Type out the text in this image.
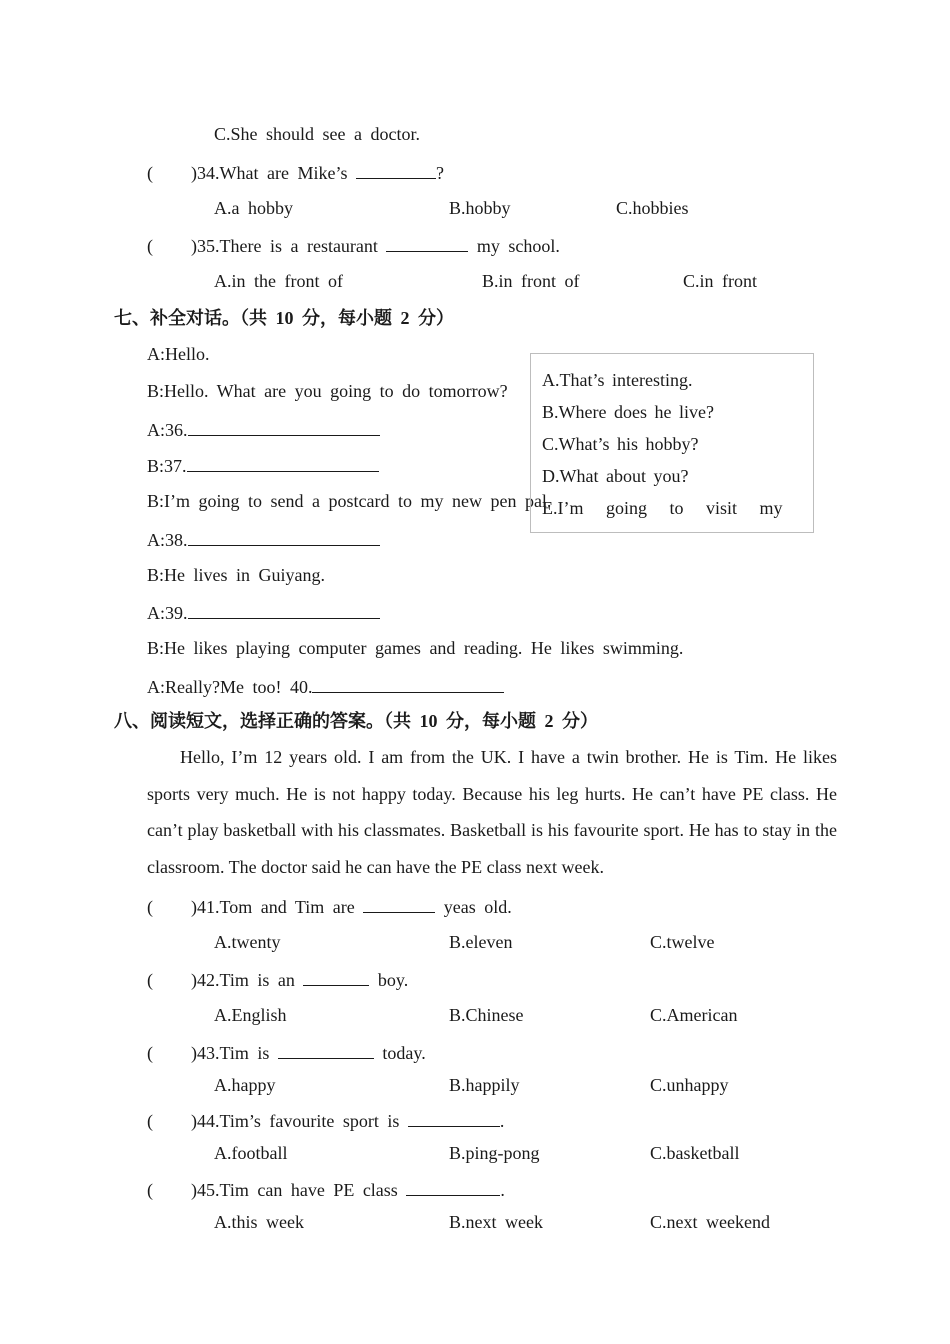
C.She should see a doctor.
( )34.What are Mike’s	?
A.a hobby	B.hobby	C.hobbies
( )35.There is a restaurant	my school.
A.in the front of	B.in front of	C.in front
七、补全对话。（共 10 分，每小题 2 分）
A:Hello.
B:Hello. What are you going to do tomorrow?
A:36.
B:37.
B:I’m going to send a postcard to my new pen pal.
A:38.
B:He lives in Guiyang.
A:39.
B:He likes playing computer games and reading. He likes swimming.
A:Really?Me too! 40.
A.That’s interesting.
B.Where does he live?
C.What’s his hobby?
D.What about you?
E.I’m     going     to     visit     my
八、阅读短文，选择正确的答案。（共 10 分，每小题 2 分）
Hello, I’m 12 years old. I am from the UK. I have a twin brother. He is Tim. He likes sports very much. He is not happy today. Because his leg hurts. He can’t have PE class. He can’t play basketball with his classmates. Basketball is his favourite sport. He has to stay in the classroom. The doctor said he can have the PE class next week.
( )41.Tom and Tim are	yeas old.
A.twenty	B.eleven	C.twelve
( )42.Tim is an	boy.
A.English	B.Chinese	C.American
( )43.Tim is	today.
A.happy	B.happily	C.unhappy
( )44.Tim’s favourite sport is	.
A.football	B.ping-pong	C.basketball
( )45.Tim can have PE class	.
A.this week	B.next week	C.next weekend
